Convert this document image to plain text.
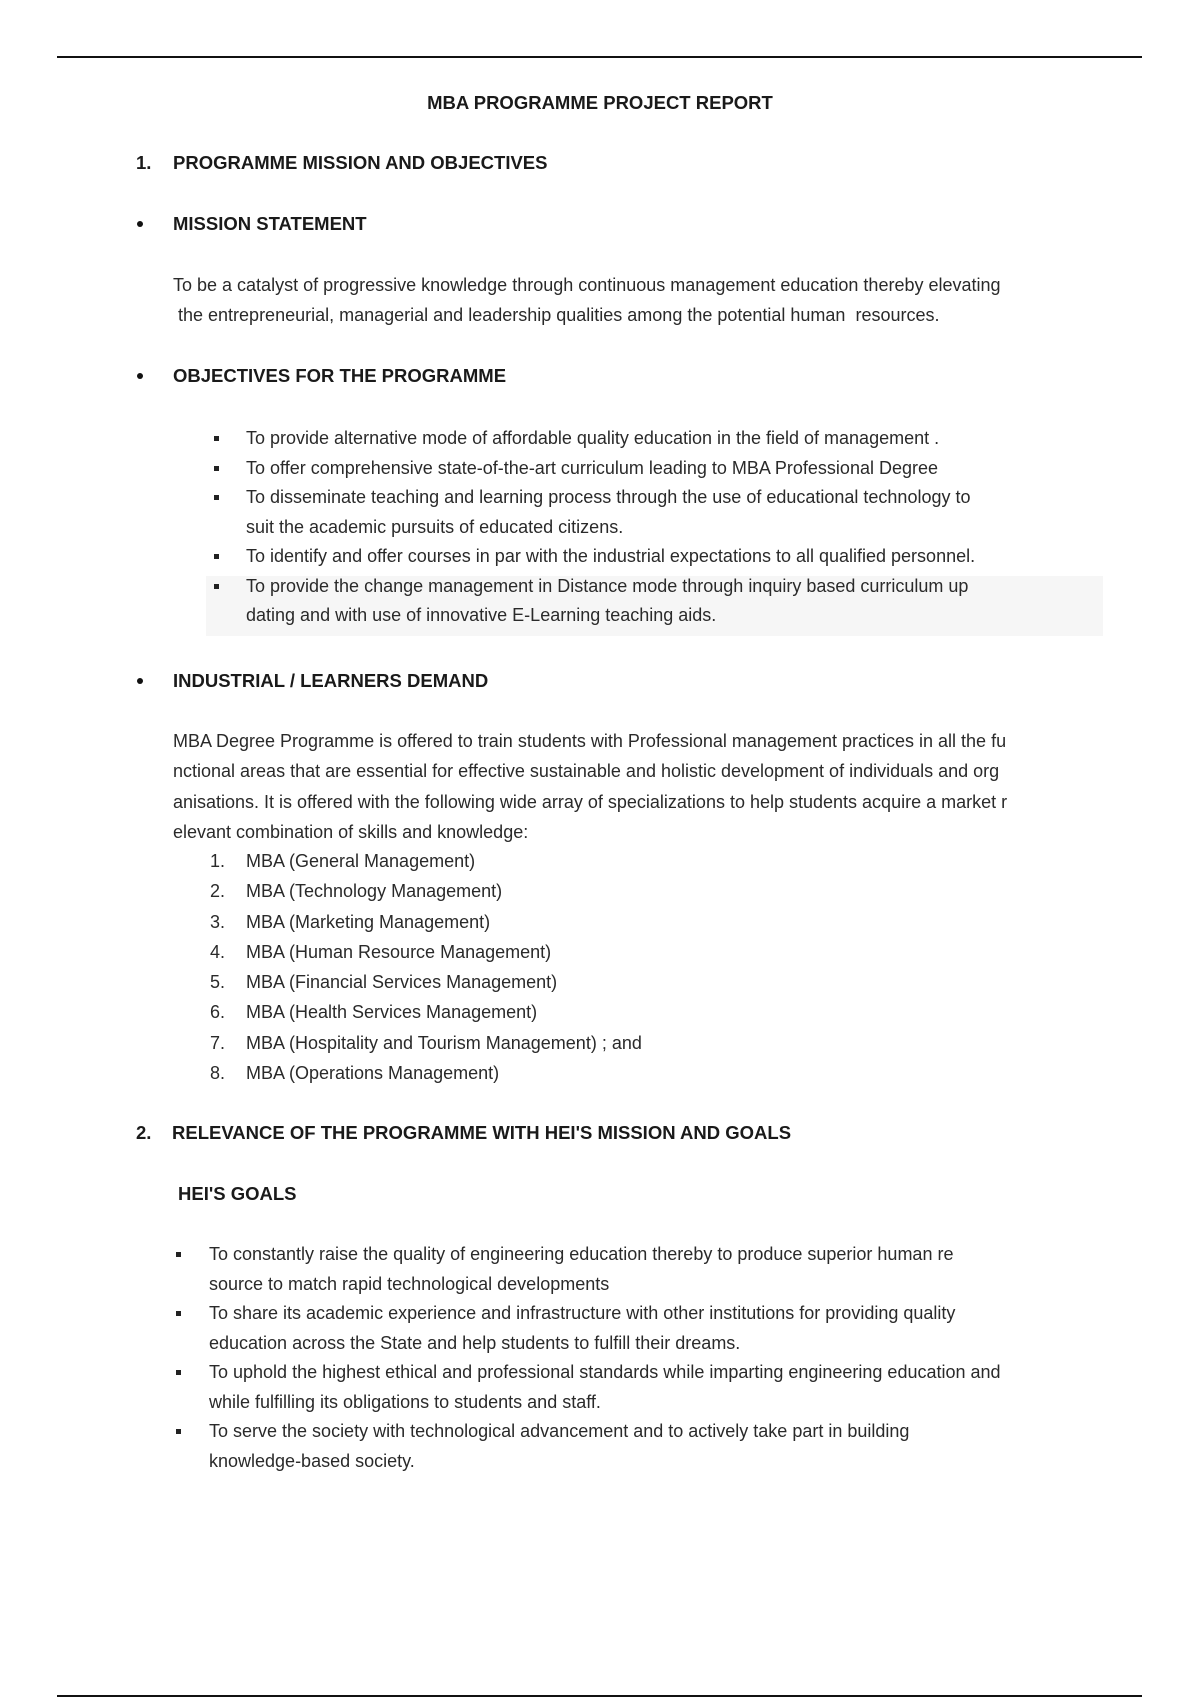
MBA PROGRAMME PROJECT REPORT
1. PROGRAMME MISSION AND OBJECTIVES
MISSION STATEMENT
To be a catalyst of progressive knowledge through continuous management education thereby elevating
the entrepreneurial, managerial and leadership qualities among the potential human  resources.
OBJECTIVES FOR THE PROGRAMME
To provide alternative mode of affordable quality education in the field of management .
To offer comprehensive state-of-the-art curriculum leading to MBA Professional Degree
To disseminate teaching and learning process through the use of educational technology to
suit the academic pursuits of educated citizens.
To identify and offer courses in par with the industrial expectations to all qualified personnel.
To provide the change management in Distance mode through inquiry based curriculum up
dating and with use of innovative E-Learning teaching aids.
INDUSTRIAL / LEARNERS DEMAND
MBA Degree Programme is offered to train students with Professional management practices in all the fu
nctional areas that are essential for effective sustainable and holistic development of individuals and org
anisations. It is offered with the following wide array of specializations to help students acquire a market r
elevant combination of skills and knowledge:
1. MBA (General Management)
2. MBA (Technology Management)
3. MBA (Marketing Management)
4. MBA (Human Resource Management)
5. MBA (Financial Services Management)
6. MBA (Health Services Management)
7. MBA (Hospitality and Tourism Management) ; and
8. MBA (Operations Management)
2. RELEVANCE OF THE PROGRAMME WITH HEI'S MISSION AND GOALS
HEI'S GOALS
To constantly raise the quality of engineering education thereby to produce superior human re
source to match rapid technological developments
To share its academic experience and infrastructure with other institutions for providing quality
education across the State and help students to fulfill their dreams.
To uphold the highest ethical and professional standards while imparting engineering education and
while fulfilling its obligations to students and staff.
To serve the society with technological advancement and to actively take part in building
knowledge-based society.
